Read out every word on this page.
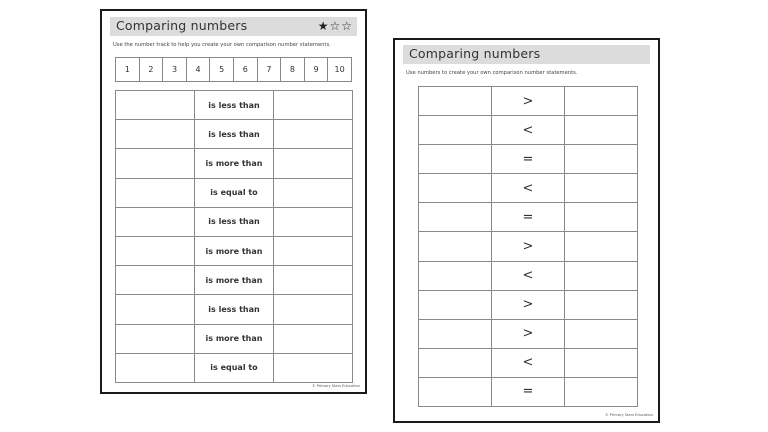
Comparing numbers	★☆☆
Use the number track to help you create your own comparison number statements.
1	2	3	4	5	6	7	8	9	10
	is less than	
	is less than	
	is more than	
	is equal to	
	is less than	
	is more than	
	is more than	
	is less than	
	is more than	
	is equal to	
© Primary Stars Education
Comparing numbers
Use numbers to create your own comparison number statements.
	>	
	<	
	=	
	<	
	=	
	>	
	<	
	>	
	>	
	<	
	=	
© Primary Stars Education
